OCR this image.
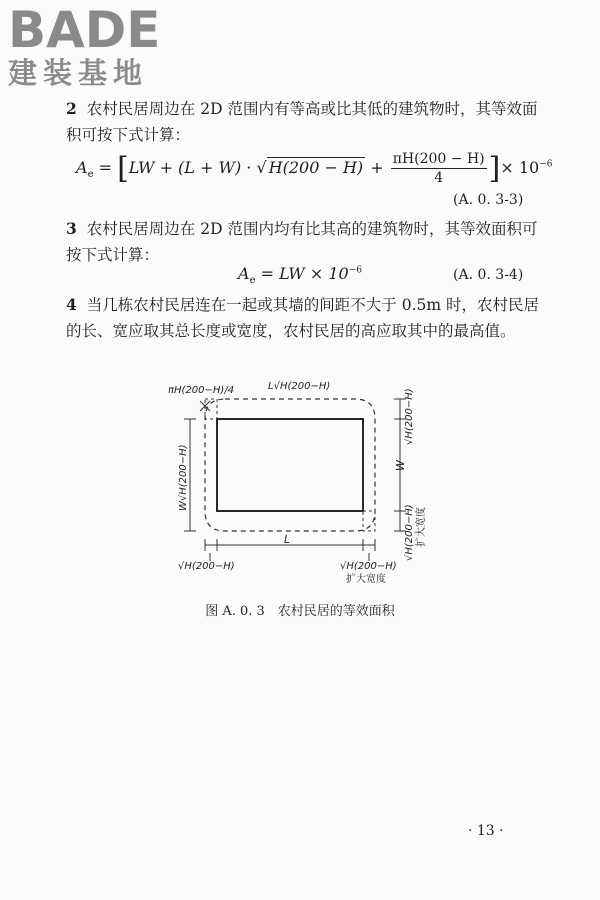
BADE
建装基地

2 农村民居周边在 2D 范围内有等高或比其低的建筑物时，其等效面积可按下式计算：

$A_e = [LW + (L + W)$ · √ $H(200 - H) + \frac{\pi H(200 - H)}{4}$ ]× $10^{-6}$
(A. 0. 3-3)

3 农村民居周边在 2D 范围内均有比其高的建筑物时，其等效面积可按下式计算：

$A_e$ = LW × $10^{-6}$	(A. 0. 3-4)

4 当几栋农村民居连在一起或其墙的间距不大于 0.5m 时，农村民居的长、宽应取其总长度或宽度，农村民居的高应取其中的最高值。

πH(200−H)/4	L√H(200−H)
√H(200−H)
W
W√H(200−H)
√H(200−H) 扩大宽度
L
√H(200−H)	√H(200−H)
扩大宽度
图 A. 0. 3　农村民居的等效面积
· 13 ·
